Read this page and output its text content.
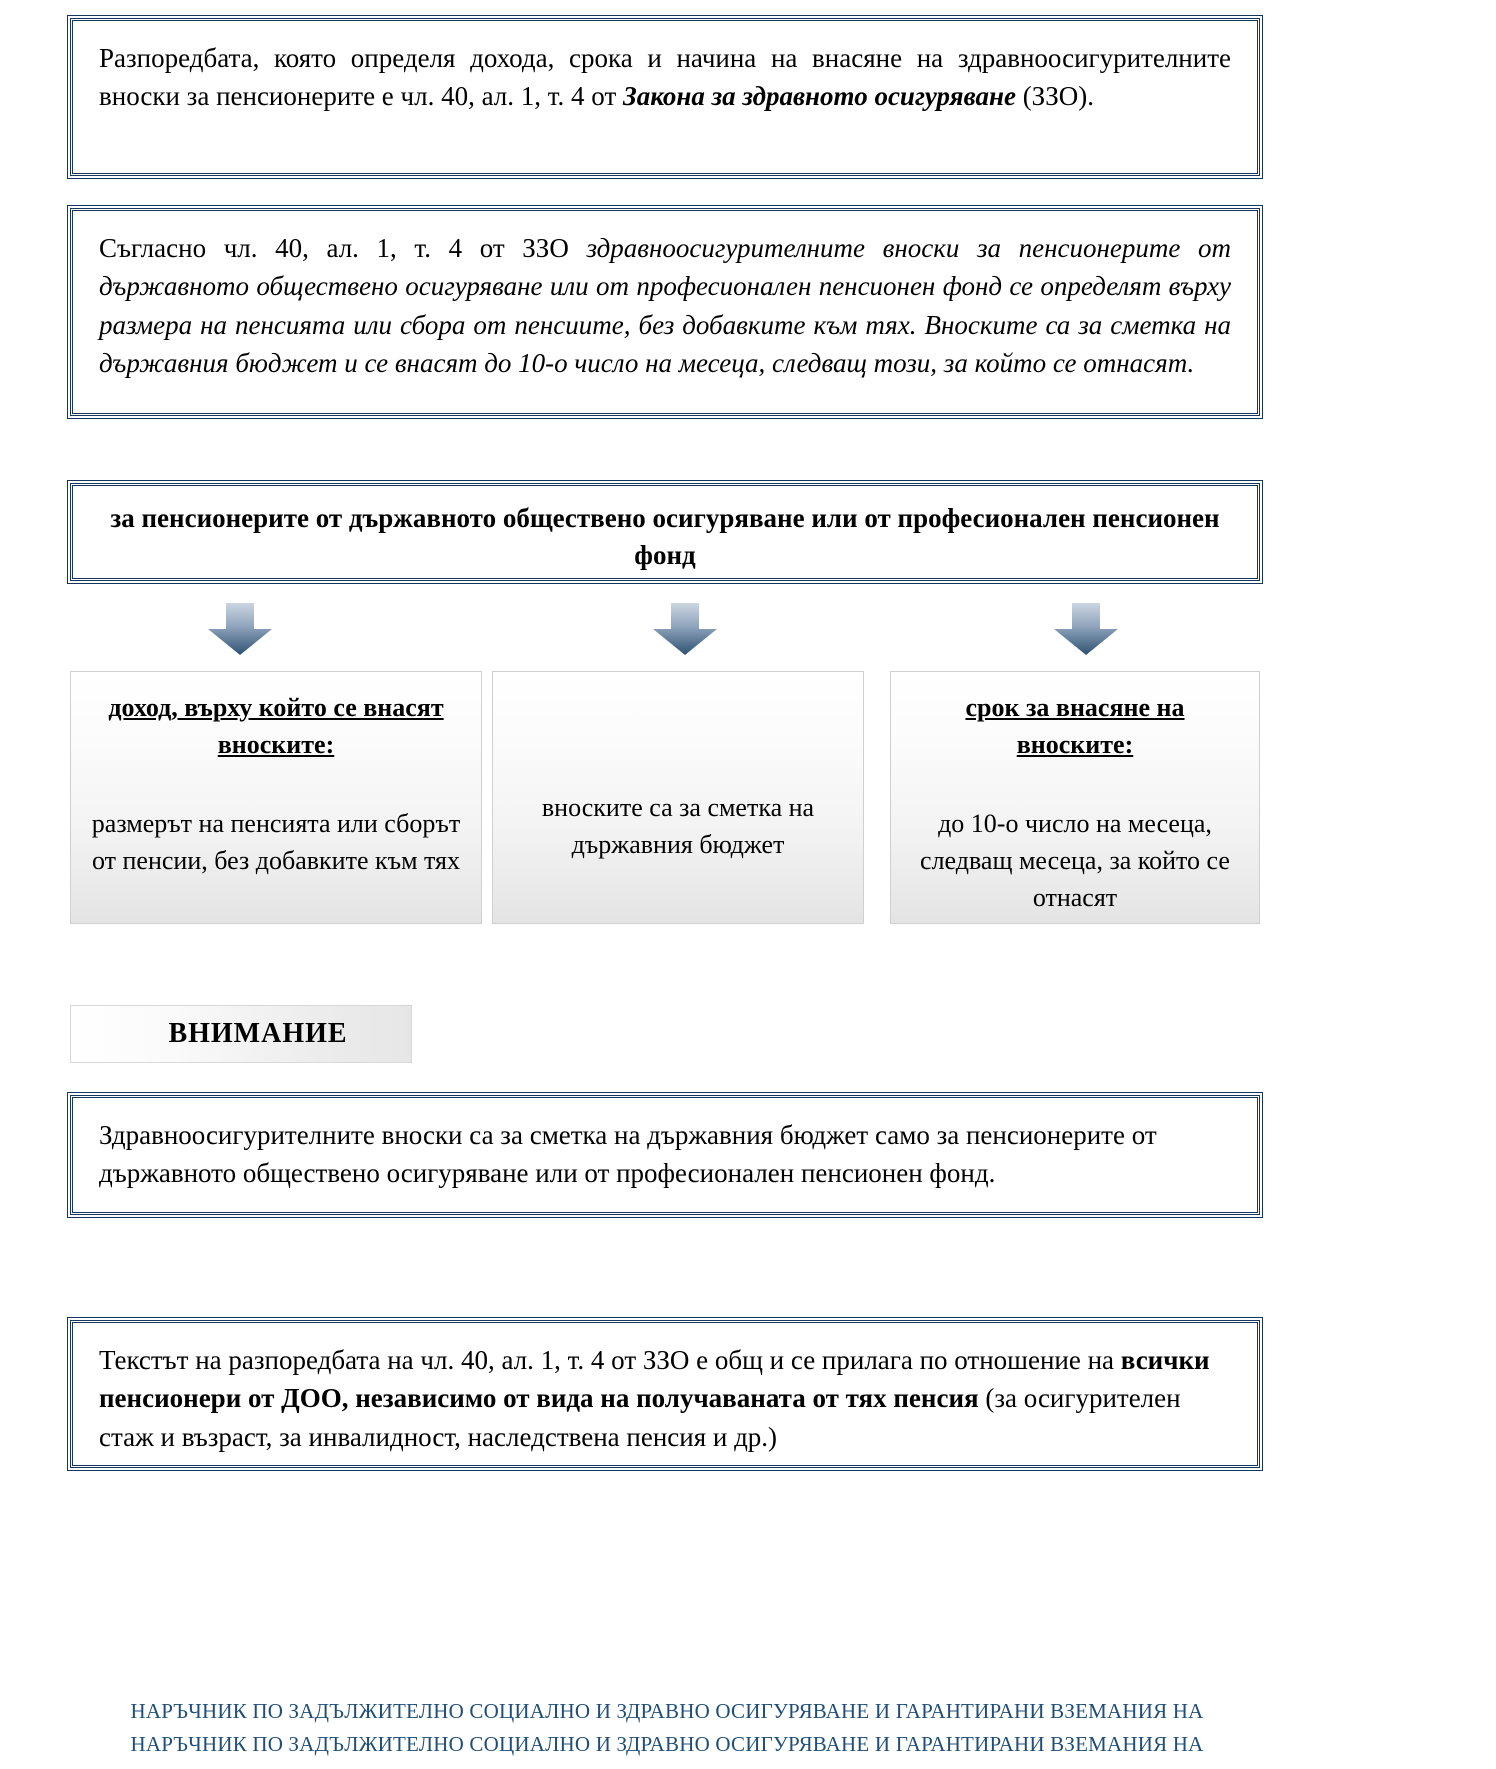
Разпоредбата, която определя дохода, срока и начина на внасяне на здравноосигурителните вноски за пенсионерите е чл. 40, ал. 1, т. 4 от Закона за здравното осигуряване (ЗЗО).

Съгласно чл. 40, ал. 1, т. 4 от ЗЗО здравноосигурителните вноски за пенсионерите от държавното обществено осигуряване или от професионален пенсионен фонд се определят върху размера на пенсията или сбора от пенсиите, без добавките към тях. Вноските са за сметка на държавния бюджет и се внасят до 10-о число на месеца, следващ този, за който се отнасят.

за пенсионерите от държавното обществено осигуряване или от професионален пенсионен фонд

доход, върху който се внасят вноските:

размерът на пенсията или сборът от пенсии, без добавките към тях

вноските са за сметка на държавния бюджет

срок за внасяне на вноските:

до 10-о число на месеца, следващ месеца, за който се отнасят

ВНИМАНИЕ

Здравноосигурителните вноски са за сметка на държавния бюджет само за пенсионерите от държавното обществено осигуряване или от професионален пенсионен фонд.

Текстът на разпоредбата на чл. 40, ал. 1, т. 4 от ЗЗО е общ и се прилага по отношение на всички пенсионери от ДОО, независимо от вида на получаваната от тях пенсия (за осигурителен стаж и възраст, за инвалидност, наследствена пенсия и др.)

НАРЪЧНИК ПО ЗАДЪЛЖИТЕЛНО СОЦИАЛНО И ЗДРАВНО ОСИГУРЯВАНЕ И ГАРАНТИРАНИ ВЗЕМАНИЯ НА
НАРЪЧНИК ПО ЗАДЪЛЖИТЕЛНО СОЦИАЛНО И ЗДРАВНО ОСИГУРЯВАНЕ И ГАРАНТИРАНИ ВЗЕМАНИЯ НА
